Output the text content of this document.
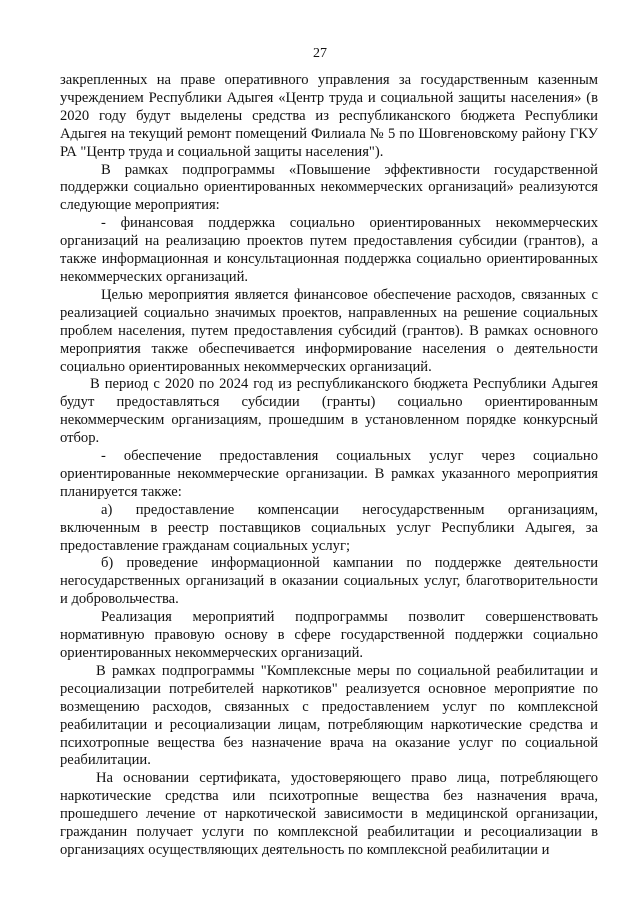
27

закрепленных на праве оперативного управления за государственным казенным учреждением Республики Адыгея «Центр труда и социальной защиты населения» (в 2020 году будут выделены средства из республиканского бюджета Республики Адыгея на текущий ремонт помещений Филиала № 5 по Шовгеновскому району ГКУ РА "Центр труда и социальной защиты населения").

В рамках подпрограммы «Повышение эффективности государственной поддержки социально ориентированных некоммерческих организаций» реализуются следующие мероприятия:

- финансовая поддержка социально ориентированных некоммерческих организаций на реализацию проектов путем предоставления субсидии (грантов), а также информационная и консультационная поддержка социально ориентированных некоммерческих организаций.

Целью мероприятия является финансовое обеспечение расходов, связанных с реализацией социально значимых проектов, направленных на решение социальных проблем населения, путем предоставления субсидий (грантов). В рамках основного мероприятия также обеспечивается информирование населения о деятельности социально ориентированных некоммерческих организаций.

В период с 2020 по 2024 год из республиканского бюджета Республики Адыгея будут предоставляться субсидии (гранты) социально ориентированным некоммерческим организациям, прошедшим в установленном порядке конкурсный отбор.

- обеспечение предоставления социальных услуг через социально ориентированные некоммерческие организации. В рамках указанного мероприятия планируется также:

а) предоставление компенсации негосударственным организациям, включенным в реестр поставщиков социальных услуг Республики Адыгея, за предоставление гражданам социальных услуг;

б) проведение информационной кампании по поддержке деятельности негосударственных организаций в оказании социальных услуг, благотворительности и добровольчества.

Реализация мероприятий подпрограммы позволит совершенствовать нормативную правовую основу в сфере государственной поддержки социально ориентированных некоммерческих организаций.

В рамках подпрограммы "Комплексные меры по социальной реабилитации и ресоциализации потребителей наркотиков" реализуется основное мероприятие по возмещению расходов, связанных с предоставлением услуг по комплексной реабилитации и ресоциализации лицам, потребляющим наркотические средства и психотропные вещества без назначение врача на оказание услуг по социальной реабилитации.

На основании сертификата, удостоверяющего право лица, потребляющего наркотические средства или психотропные вещества без назначения врача, прошедшего лечение от наркотической зависимости в медицинской организации, гражданин получает услуги по комплексной реабилитации и ресоциализации в организациях осуществляющих деятельность по комплексной реабилитации и
